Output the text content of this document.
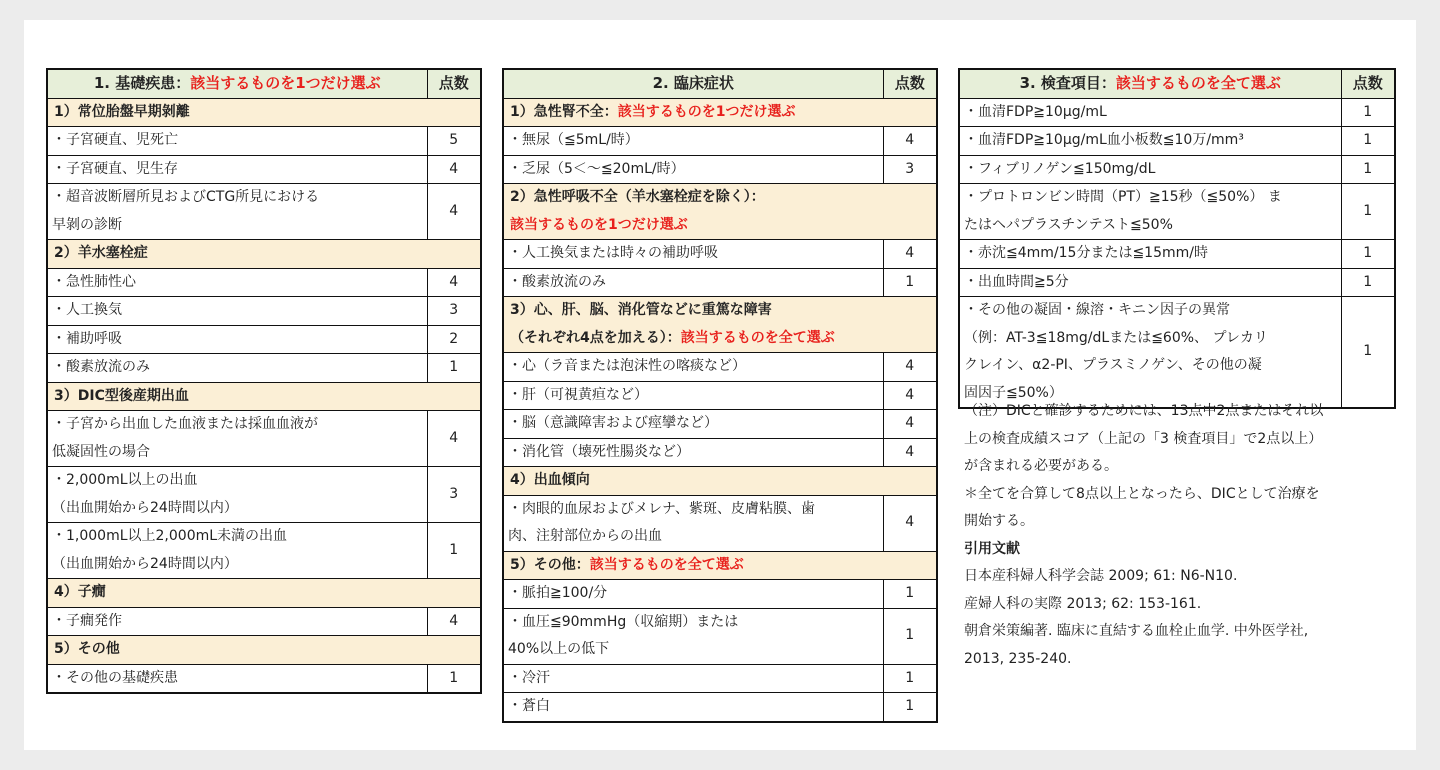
1. 基礎疾患：該当するものを1つだけ選ぶ	点数
1）常位胎盤早期剝離	

・子宮硬直、児死亡	5

・子宮硬直、児生存	4

・超音波断層所見およびCTG所見における
早剝の診断	4
2）羊水塞栓症	

・急性肺性心	4

・人工換気	3

・補助呼吸	2

・酸素放流のみ	1
3）DIC型後産期出血	

・子宮から出血した血液または採血血液が
低凝固性の場合	4

・2,000mL以上の出血
（出血開始から24時間以内）	3

・1,000mL以上2,000mL未満の出血
（出血開始から24時間以内）	1
4）子癇	

・子癇発作	4
5）その他	

・その他の基礎疾患	1
2. 臨床症状	点数
1）急性腎不全：該当するものを1つだけ選ぶ	

・無尿（≦5mL/時）	4

・乏尿（5＜～≦20mL/時）	3

2）急性呼吸不全（羊水塞栓症を除く）：
該当するものを1つだけ選ぶ	

・人工換気または時々の補助呼吸	4

・酸素放流のみ	1

3）心、肝、脳、消化管などに重篤な障害
（それぞれ4点を加える）：該当するものを全て選ぶ	

・心（ラ音または泡沫性の喀痰など）	4

・肝（可視黄疸など）	4

・脳（意識障害および痙攣など）	4

・消化管（壊死性腸炎など）	4
4）出血傾向	

・肉眼的血尿およびメレナ、紫斑、皮膚粘膜、歯
肉、注射部位からの出血	4
5）その他：該当するものを全て選ぶ	

・脈拍≧100/分	1

・血圧≦90mmHg（収縮期）または
40%以上の低下	1

・冷汗	1

・蒼白	1
3. 検査項目：該当するものを全て選ぶ	点数

・血清FDP≧10μg/mL	1

・血清FDP≧10μg/mL血小板数≦10万/mm³	1

・フィブリノゲン≦150mg/dL	1

・プロトロンビン時間（PT）≧15秒（≦50%） ま
たはヘパプラスチンテスト≦50%	1

・赤沈≦4mm/15分または≦15mm/時	1

・出血時間≧5分	1

・その他の凝固・線溶・キニン因子の異常
（例：AT-3≦18mg/dLまたは≦60%、 プレカリ
クレイン、α2-PI、プラスミノゲン、その他の凝
固因子≦50%）	1

（注）DICと確診するためには、13点中2点またはそれ以

上の検査成績スコア（上記の「3 検査項目」で2点以上）

が含まれる必要がある。

＊全てを合算して8点以上となったら、DICとして治療を

開始する。

引用文献

日本産科婦人科学会誌 2009; 61: N6-N10.

産婦人科の実際 2013; 62: 153-161.

朝倉栄策編著. 臨床に直結する血栓止血学. 中外医学社,

2013, 235-240.
